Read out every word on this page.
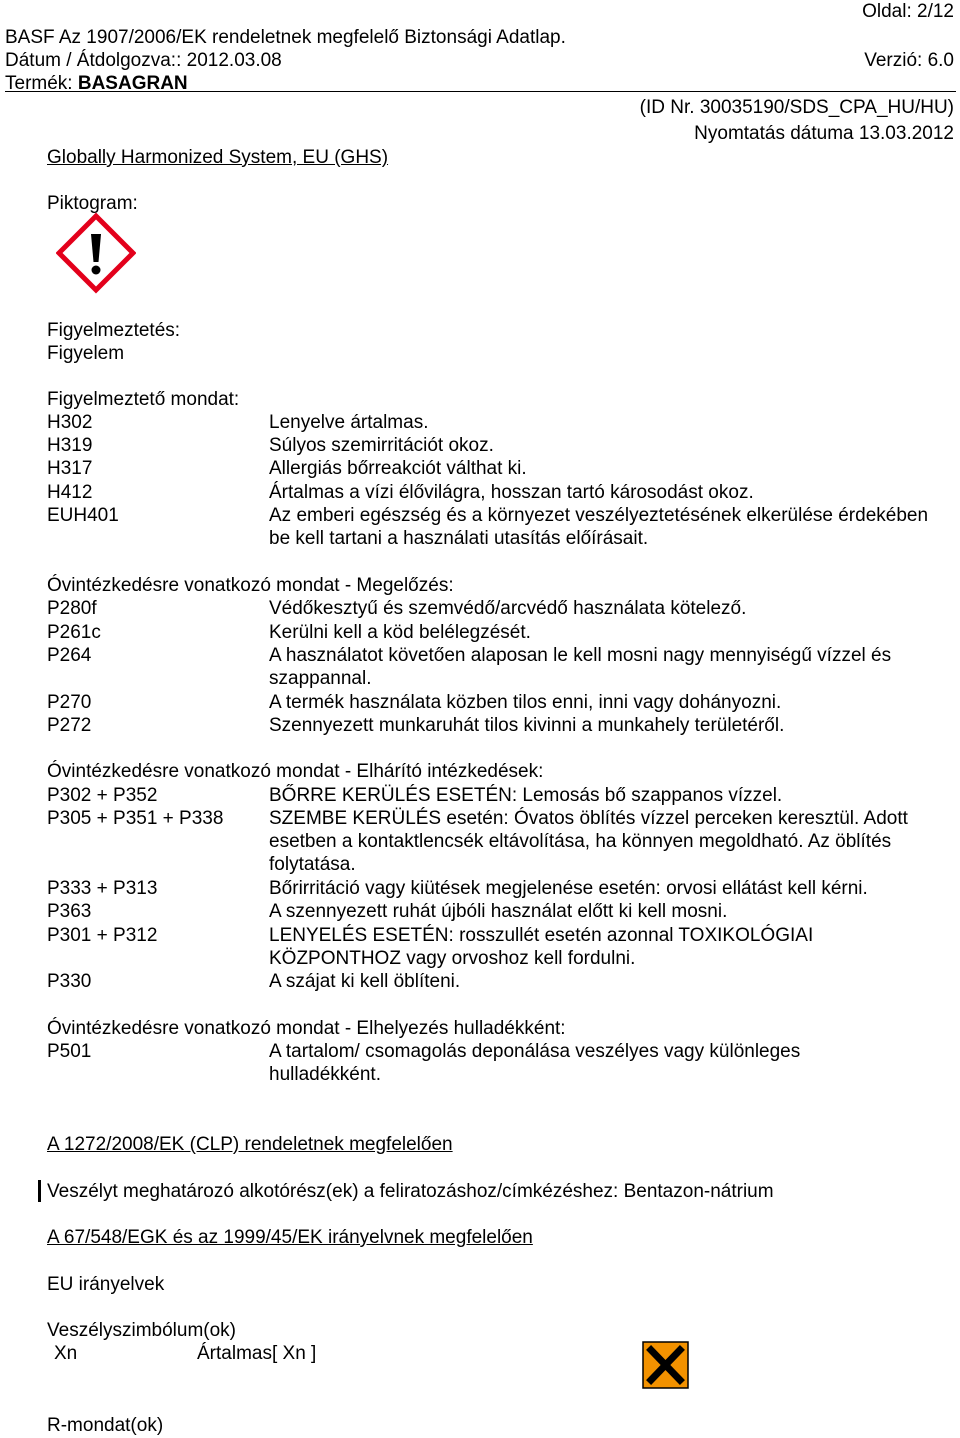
Oldal: 2/12
BASF Az 1907/2006/EK rendeletnek megfelelő Biztonsági Adatlap.
Dátum / Átdolgozva:: 2012.03.08	Verzió: 6.0
Termék: BASAGRAN
(ID Nr. 30035190/SDS_CPA_HU/HU)
Nyomtatás dátuma 13.03.2012
Globally Harmonized System, EU (GHS)
Piktogram:
Figyelmeztetés:
Figyelem
Figyelmeztető mondat:
H302	Lenyelve ártalmas.
H319	Súlyos szemirritációt okoz.
H317	Allergiás bőrreakciót válthat ki.
H412	Ártalmas a vízi élővilágra, hosszan tartó károsodást okoz.
EUH401	Az emberi egészség és a környezet veszélyeztetésének elkerülése érdekében be kell tartani a használati utasítás előírásait.
Óvintézkedésre vonatkozó mondat - Megelőzés:
P280f	Védőkesztyű és szemvédő/arcvédő használata kötelező.
P261c	Kerülni kell a köd belélegzését.
P264	A használatot követően alaposan le kell mosni nagy mennyiségű vízzel és szappannal.
P270	A termék használata közben tilos enni, inni vagy dohányozni.
P272	Szennyezett munkaruhát tilos kivinni a munkahely területéről.
Óvintézkedésre vonatkozó mondat - Elhárító intézkedések:
P302 + P352	BŐRRE KERÜLÉS ESETÉN: Lemosás bő szappanos vízzel.
P305 + P351 + P338 SZEMBE KERÜLÉS esetén: Óvatos öblítés vízzel perceken keresztül. Adott esetben a kontaktlencsék eltávolítása, ha könnyen megoldható. Az öblítés folytatása.
P333 + P313	Bőrirritáció vagy kiütések megjelenése esetén: orvosi ellátást kell kérni.
P363	A szennyezett ruhát újbóli használat előtt ki kell mosni.
P301 + P312	LENYELÉS ESETÉN: rosszullét esetén azonnal TOXIKOLÓGIAI KÖZPONTHOZ vagy orvoshoz kell fordulni.
P330	A szájat ki kell öblíteni.
Óvintézkedésre vonatkozó mondat - Elhelyezés hulladékként:
P501	A tartalom/ csomagolás deponálása veszélyes vagy különleges hulladékként.
A 1272/2008/EK (CLP) rendeletnek megfelelően
Veszélyt meghatározó alkotórész(ek) a feliratozáshoz/címkézéshez: Bentazon-nátrium
A 67/548/EGK és az 1999/45/EK irányelvnek megfelelően
EU irányelvek
Veszélyszimbólum(ok)
Xn	Ártalmas[ Xn ]
R-mondat(ok)
